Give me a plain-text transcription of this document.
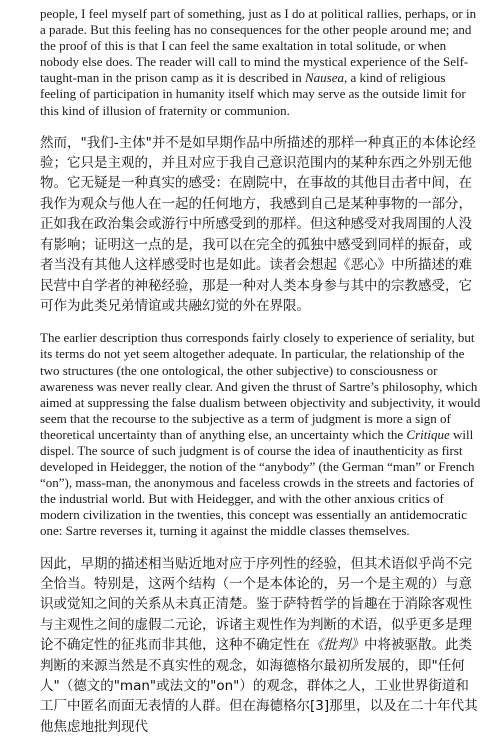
people, I feel myself part of something, just as I do at political rallies, perhaps, or in a parade. But this feeling has no consequences for the other people around me; and the proof of this is that I can feel the same exaltation in total solitude, or when nobody else does. The reader will call to mind the mystical experience of the Self-taught-man in the prison camp as it is described in Nausea, a kind of religious feeling of participation in humanity itself which may serve as the outside limit for this kind of illusion of fraternity or communion.

然而，"我们-主体"并不是如早期作品中所描述的那样一种真正的本体论经验；它只是主观的，并且对应于我自己意识范围内的某种东西之外别无他物。它无疑是一种真实的感受：在剧院中，在事故的其他目击者中间，在我作为观众与他人在一起的任何地方，我感到自己是某种事物的一部分，正如我在政治集会或游行中所感受到的那样。但这种感受对我周围的人没有影响；证明这一点的是，我可以在完全的孤独中感受到同样的振奋，或者当没有其他人这样感受时也是如此。读者会想起《恶心》中所描述的难民营中自学者的神秘经验，那是一种对人类本身参与其中的宗教感受，它可作为此类兄弟情谊或共融幻觉的外在界限。

The earlier description thus corresponds fairly closely to experience of seriality, but its terms do not yet seem altogether adequate. In particular, the relationship of the two structures (the one ontological, the other subjective) to consciousness or awareness was never really clear. And given the thrust of Sartre’s philosophy, which aimed at suppressing the false dualism between objectivity and subjectivity, it would seem that the recourse to the subjective as a term of judgment is more a sign of theoretical uncertainty than of anything else, an uncertainty which the Critique will dispel. The source of such judgment is of course the idea of inauthenticity as first developed in Heidegger, the notion of the “anybody” (the German “man” or French “on”), mass-man, the anonymous and faceless crowds in the streets and factories of the industrial world. But with Heidegger, and with the other anxious critics of modern civilization in the twenties, this concept was essentially an antidemocratic one: Sartre reverses it, turning it against the middle classes themselves.

因此，早期的描述相当贴近地对应于序列性的经验，但其术语似乎尚不完全恰当。特别是，这两个结构（一个是本体论的，另一个是主观的）与意识或觉知之间的关系从未真正清楚。鉴于萨特哲学的旨趣在于消除客观性与主观性之间的虚假二元论，诉诸主观性作为判断的术语，似乎更多是理论不确定性的征兆而非其他，这种不确定性在《批判》中将被驱散。此类判断的来源当然是不真实性的观念，如海德格尔最初所发展的，即"任何人"（德文的"man"或法文的"on"）的观念，群体之人，工业世界街道和工厂中匿名而面无表情的人群。但在海德格尔[3]那里，以及在二十年代其他焦虑地批判现代
